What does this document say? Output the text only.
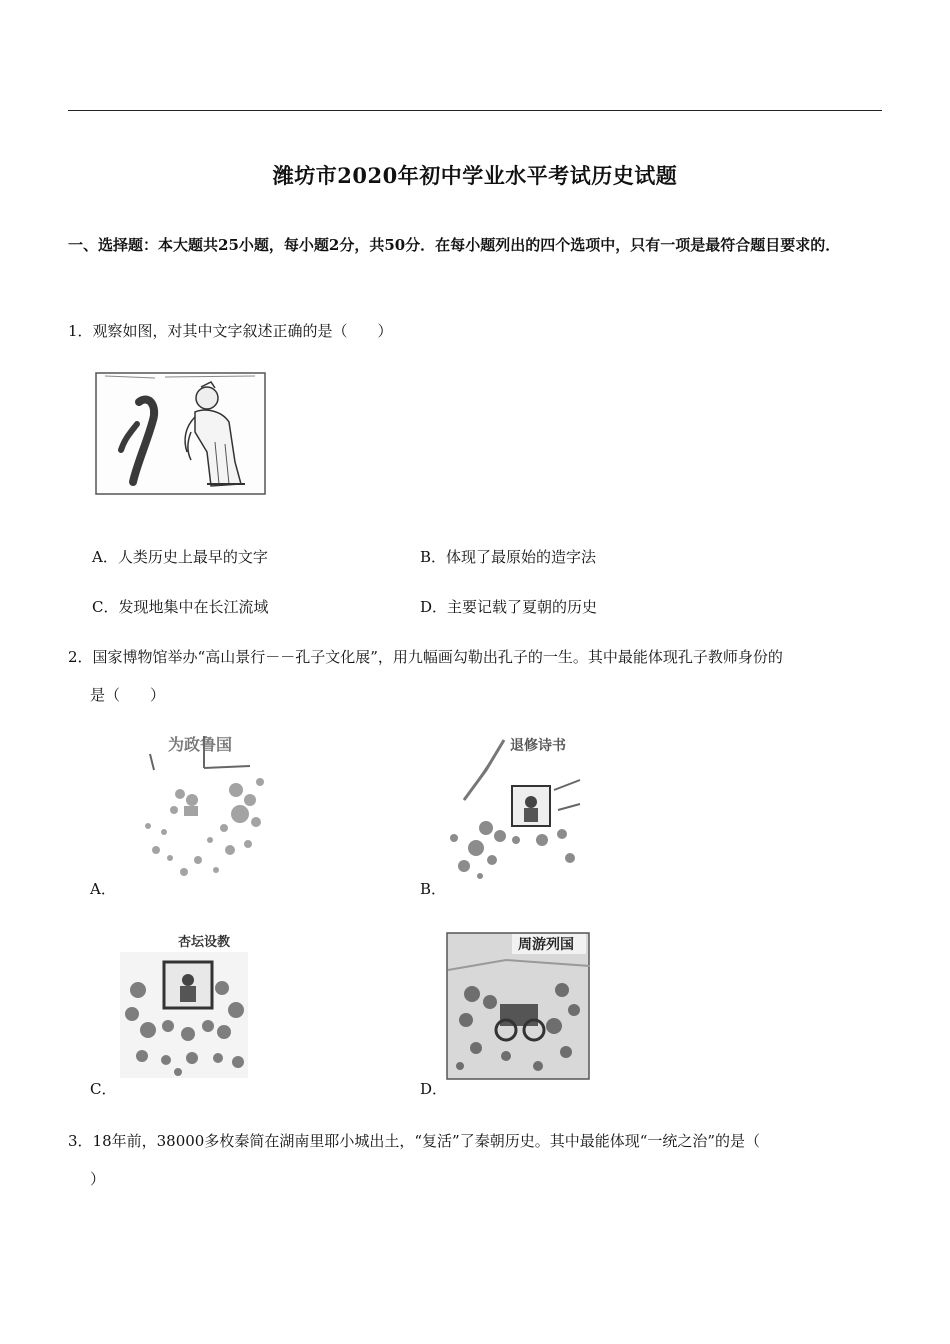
潍坊市2020年初中学业水平考试历史试题
一、选择题：本大题共25小题，每小题2分，共50分．在每小题列出的四个选项中，只有一项是最符合题目要求的．
1．观察如图，对其中文字叙述正确的是（　　）
A．人类历史上最早的文字	B．体现了最原始的造字法
C．发现地集中在长江流域	D．主要记载了夏朝的历史
2．国家博物馆举办“高山景行－－孔子文化展”，用九幅画勾勒出孔子的一生。其中最能体现孔子教师身份的
是（　　）
为政鲁国
A．
退修诗书
B．
杏坛设教
C．
周游列国
D．
3．18年前，38000多枚秦简在湖南里耶小城出土，“复活”了秦朝历史。其中最能体现“一统之治”的是（
）
